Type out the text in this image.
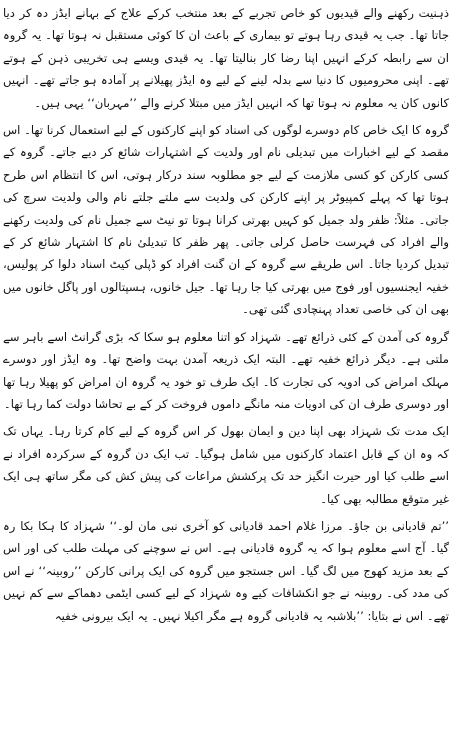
ذہنیت رکھنے والے قیدیوں کو خاص تجربے کے بعد منتخب کرکے علاج کے بہانے ایڈز دہ کر دیا جاتا تھا۔ جب یہ قیدی رہا ہوتے تو بیماری کے باعث ان کا کوئی مستقبل نہ ہوتا تھا۔ یہ گروہ ان سے رابطہ کرکے انہیں اپنا رضا کار بنالیتا تھا۔ یہ قیدی ویسے ہی تخریبی ذہن کے ہوتے تھے۔ اپنی محرومیوں کا دنیا سے بدلہ لینے کے لیے وہ ایڈز پھیلانے پر آمادہ ہو جاتے تھے۔ انہیں کانوں کان یہ معلوم نہ ہوتا تھا کہ انہیں ایڈز میں مبتلا کرنے والے ’’مہربان‘‘ یہی ہیں۔

گروہ کا ایک خاص کام دوسرے لوگوں کی اسناد کو اپنے کارکنوں کے لیے استعمال کرنا تھا۔ اس مقصد کے لیے اخبارات میں تبدیلی نام اور ولدیت کے اشتہارات شائع کر دیے جاتے۔ گروہ کے کسی کارکن کو کسی ملازمت کے لیے جو مطلوبہ سند درکار ہوتی، اس کا انتظام اس طرح ہوتا تھا کہ پہلے کمپیوٹر پر اپنے کارکن کی ولدیت سے ملتے جلتے نام والی ولدیت سرچ کی جاتی۔ مثلاً: ظفر ولد جمیل کو کہیں بھرتی کرانا ہوتا تو نیٹ سے جمیل نام کی ولدیت رکھنے والے افراد کی فہرست حاصل کرلی جاتی۔ پھر ظفر کا تبدیلیٔ نام کا اشتہار شائع کر کے تبدیل کردیا جاتا۔ اس طریقے سے گروہ کے ان گنت افراد کو ڈپلی کیٹ اسناد دلوا کر پولیس، خفیہ ایجنسیوں اور فوج میں بھرتی کیا جا رہا تھا۔ جیل خانوں، ہسپتالوں اور پاگل خانوں میں بھی ان کی خاصی تعداد پہنچادی گئی تھی۔

گروہ کی آمدن کے کئی ذرائع تھے۔ شہزاد کو اتنا معلوم ہو سکا کہ بڑی گرانٹ اسے باہر سے ملتی ہے۔ دیگر ذرائع خفیہ تھے۔ البتہ ایک ذریعہ آمدن بہت واضح تھا۔ وہ ایڈز اور دوسرے مہلک امراض کی ادویہ کی تجارت کا۔ ایک طرف تو خود یہ گروہ ان امراض کو پھیلا رہا تھا اور دوسری طرف ان کی ادویات منہ مانگے داموں فروخت کر کے بے تحاشا دولت کما رہا تھا۔

ایک مدت تک شہزاد بھی اپنا دین و ایمان بھول کر اس گروہ کے لیے کام کرتا رہا۔ یہاں تک کہ وہ ان کے قابل اعتماد کارکنوں میں شامل ہوگیا۔ تب ایک دن گروہ کے سرکردہ افراد نے اسے طلب کیا اور حیرت انگیز حد تک پرکشش مراعات کی پیش کش کی مگر ساتھ ہی ایک غیر متوقع مطالبہ بھی کیا۔

’’تم قادیانی بن جاؤ۔ مرزا غلام احمد قادیانی کو آخری نبی مان لو۔‘‘ شہزاد کا ہکا بکا رہ گیا۔ آج اسے معلوم ہوا کہ یہ گروہ قادیانی ہے۔ اس نے سوچنے کی مہلت طلب کی اور اس کے بعد مزید کھوج میں لگ گیا۔ اس جستجو میں گروہ کی ایک پرانی کارکن ’’روبینہ‘‘ نے اس کی مدد کی۔ روبینہ نے جو انکشافات کیے وہ شہزاد کے لیے کسی ایٹمی دھماکے سے کم نہیں تھے۔ اس نے بتایا: ’’بلاشبہ یہ قادیانی گروہ ہے مگر اکیلا نہیں۔ یہ ایک بیرونی خفیہ
